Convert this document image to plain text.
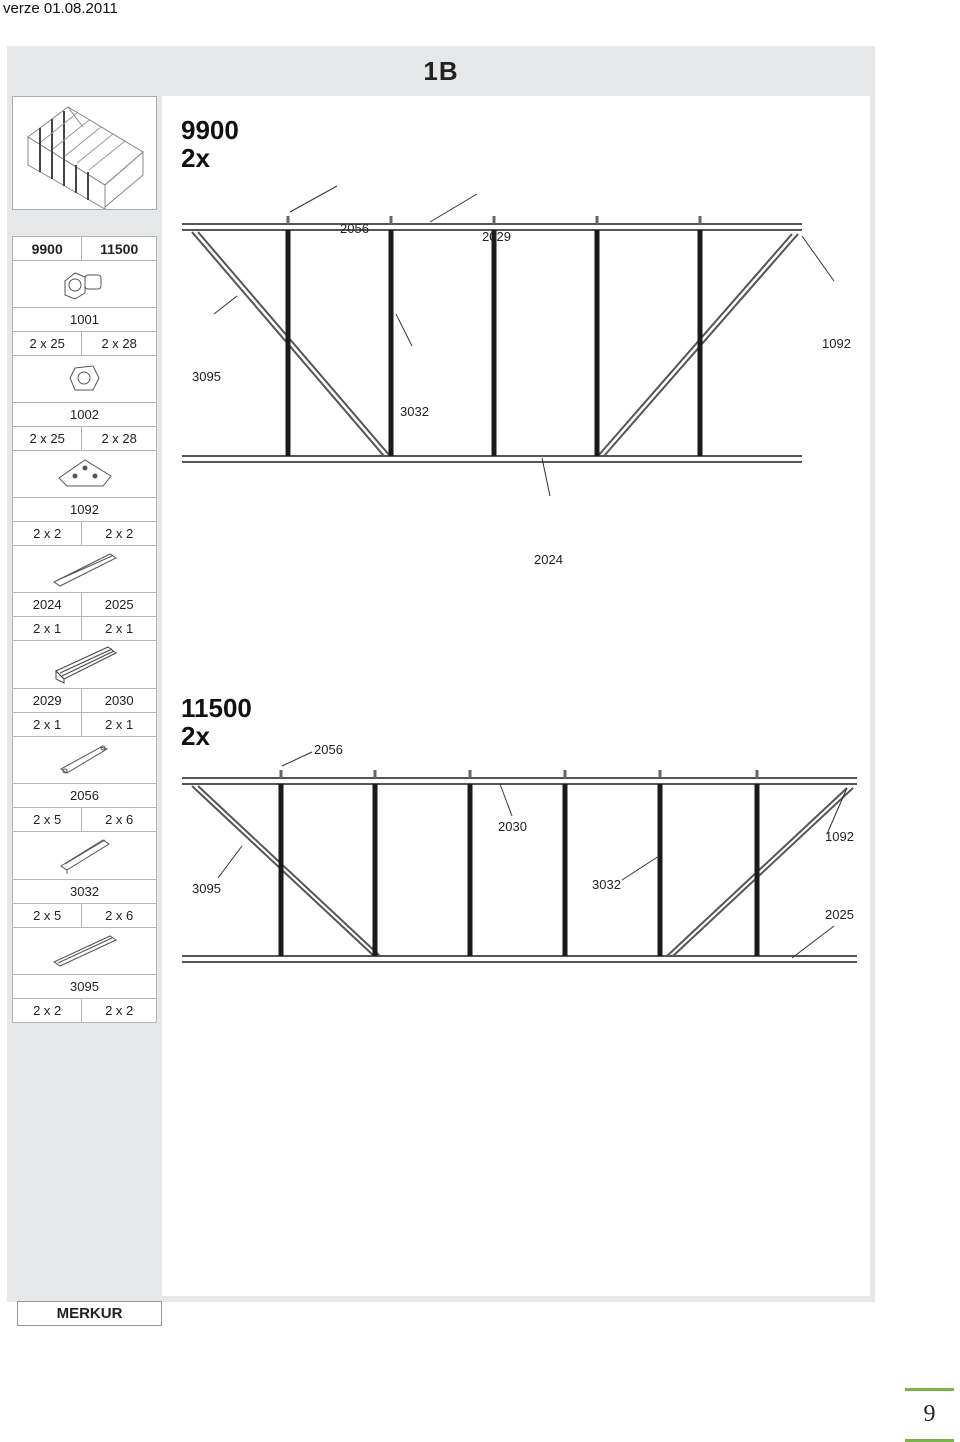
verze 01.08.2011
1B
9900	11500

1001	
2 x 25	2 x 28

1002	
2 x 25	2 x 28

1092	
2 x 2	2 x 2

2024	2025
2 x 1	2 x 1

2029	2030
2 x 1	2 x 1

2056	
2 x 5	2 x 6

3032	
2 x 5	2 x 6

3095	
2 x 2	2 x 2
MERKUR
9900
2x
2056
2029
1092
3095
3032
2024
11500
2x	2056
2030
1092
3095	3032
2025
9
